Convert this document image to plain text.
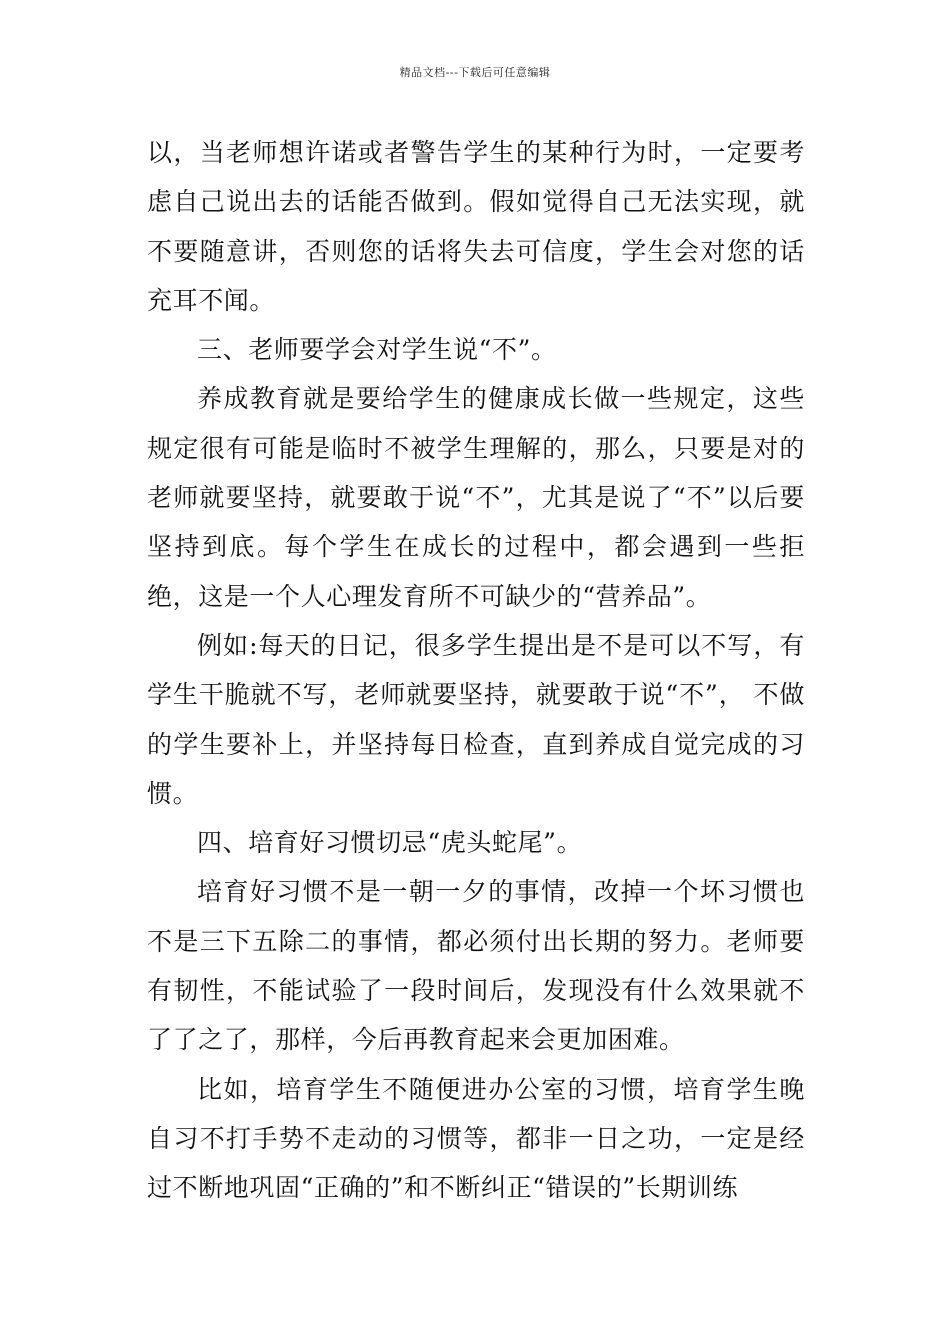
精品文档---下载后可任意编辑

以，当老师想许诺或者警告学生的某种行为时，一定要考虑自己说出去的话能否做到。假如觉得自己无法实现，就不要随意讲，否则您的话将失去可信度，学生会对您的话充耳不闻。

三、老师要学会对学生说“不”。

养成教育就是要给学生的健康成长做一些规定，这些规定很有可能是临时不被学生理解的，那么，只要是对的老师就要坚持，就要敢于说“不”，尤其是说了“不”以后要坚持到底。每个学生在成长的过程中，都会遇到一些拒绝，这是一个人心理发育所不可缺少的“营养品”。

例如:每天的日记，很多学生提出是不是可以不写，有学生干脆就不写，老师就要坚持，就要敢于说“不”， 不做的学生要补上，并坚持每日检查，直到养成自觉完成的习惯。

四、培育好习惯切忌“虎头蛇尾”。

培育好习惯不是一朝一夕的事情，改掉一个坏习惯也不是三下五除二的事情，都必须付出长期的努力。老师要有韧性，不能试验了一段时间后，发现没有什么效果就不了了之了，那样，今后再教育起来会更加困难。

比如，培育学生不随便进办公室的习惯，培育学生晚自习不打手势不走动的习惯等，都非一日之功，一定是经过不断地巩固“正确的”和不断纠正“错误的”长期训练
